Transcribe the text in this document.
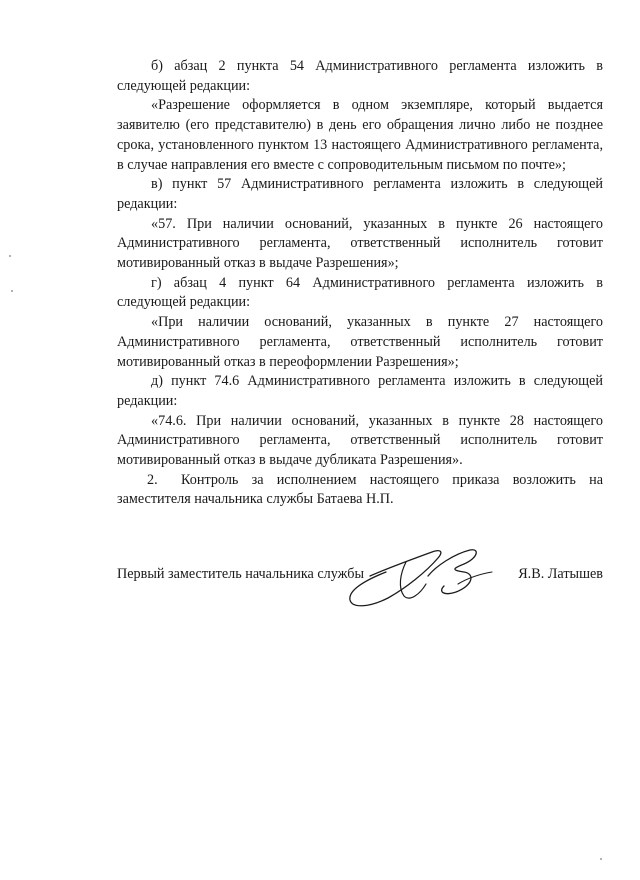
б) абзац 2 пункта 54 Административного регламента изложить в следующей редакции:

«Разрешение оформляется в одном экземпляре, который выдается заявителю (его представителю) в день его обращения лично либо не позднее срока, установленного пунктом 13 настоящего Административного регламента, в случае направления его вместе с сопроводительным письмом по почте»;

в) пункт 57 Административного регламента изложить в следующей редакции:

«57. При наличии оснований, указанных в пункте 26 настоящего Административного регламента, ответственный исполнитель готовит мотивированный отказ в выдаче Разрешения»;

г) абзац 4 пункт 64 Административного регламента изложить в следующей редакции:

«При наличии оснований, указанных в пункте 27 настоящего Административного регламента, ответственный исполнитель готовит мотивированный отказ в переоформлении Разрешения»;

д) пункт 74.6 Административного регламента изложить в следующей редакции:

«74.6. При наличии оснований, указанных в пункте 28 настоящего Административного регламента, ответственный исполнитель готовит мотивированный отказ в выдаче дубликата Разрешения».

2. Контроль за исполнением настоящего приказа возложить на заместителя начальника службы Батаева Н.П.

Первый заместитель начальника службы	Я.В. Латышев
